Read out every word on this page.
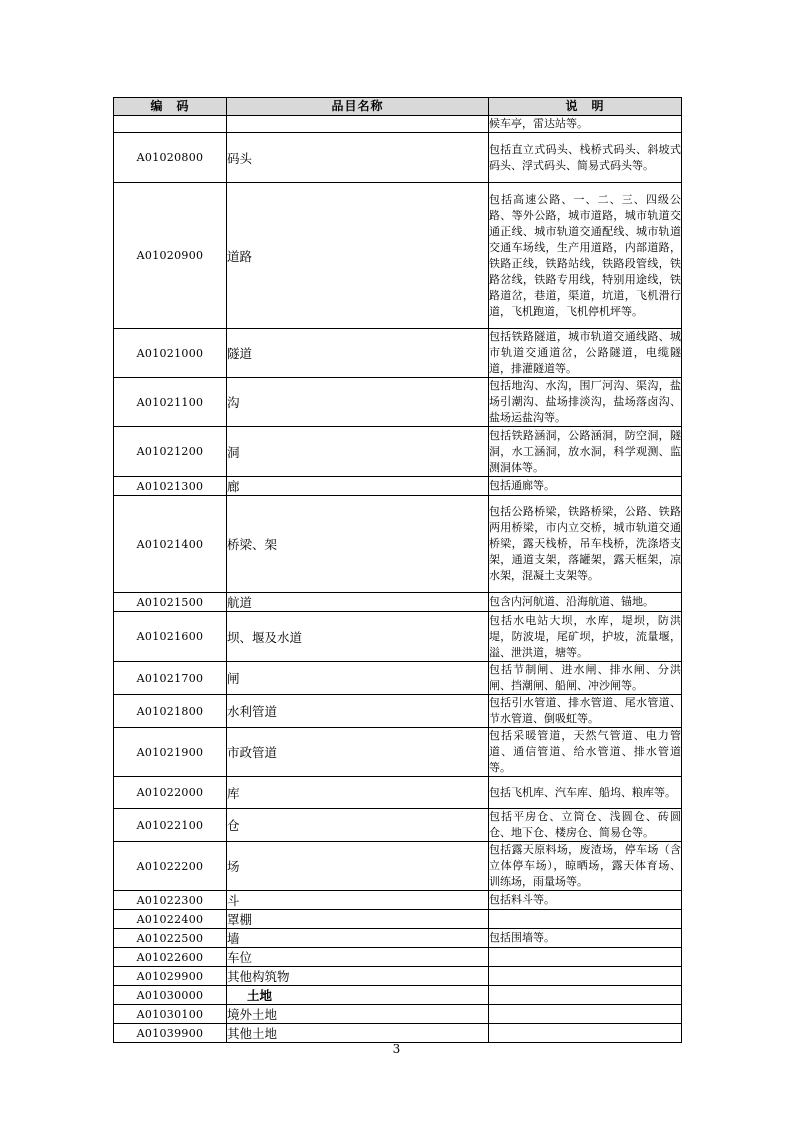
编　码	品目名称	说　明
		候车亭，雷达站等。
A01020800	码头	包括直立式码头、栈桥式码头、斜坡式码头、浮式码头、简易式码头等。
A01020900	道路	包括高速公路、一、二、三、四级公路、等外公路，城市道路，城市轨道交通正线、城市轨道交通配线、城市轨道交通车场线，生产用道路，内部道路，铁路正线，铁路站线，铁路段管线，铁路岔线，铁路专用线，特别用途线，铁路道岔，巷道，渠道，坑道，飞机滑行道，飞机跑道，飞机停机坪等。
A01021000	隧道	包括铁路隧道，城市轨道交通线路、城市轨道交通道岔，公路隧道，电缆隧道，排灌隧道等。
A01021100	沟	包括地沟、水沟，围厂河沟、渠沟，盐场引潮沟、盐场排淡沟，盐场落卤沟、盐场运盐沟等。
A01021200	洞	包括铁路涵洞，公路涵洞，防空洞，隧洞，水工涵洞，放水洞，科学观测、监测洞体等。
A01021300	廊	包括通廊等。
A01021400	桥梁、架	包括公路桥梁，铁路桥梁，公路、铁路两用桥梁，市内立交桥，城市轨道交通桥梁，露天栈桥，吊车栈桥，洗涤塔支架，通道支架，落罐架，露天框架，凉水架，混凝土支架等。
A01021500	航道	包含内河航道、沿海航道、锚地。
A01021600	坝、堰及水道	包括水电站大坝，水库，堤坝，防洪堤，防波堤，尾矿坝，护坡，流量堰，溢、泄洪道，塘等。
A01021700	闸	包括节制闸、进水闸、排水闸、分洪闸、挡潮闸、船闸、冲沙闸等。
A01021800	水利管道	包括引水管道、排水管道、尾水管道、节水管道、倒吸虹等。
A01021900	市政管道	包括采暖管道，天然气管道、电力管道、通信管道、给水管道、排水管道等。
A01022000	库	包括飞机库、汽车库、船坞、粮库等。
A01022100	仓	包括平房仓、立筒仓、浅圆仓、砖圆仓、地下仓、楼房仓、简易仓等。
A01022200	场	包括露天原料场，废渣场，停车场（含立体停车场），晾晒场，露天体育场、训练场，雨量场等。
A01022300	斗	包括料斗等。
A01022400	罩棚	
A01022500	墙	包括围墙等。
A01022600	车位	
A01029900	其他构筑物	
A01030000	土地	
A01030100	境外土地	
A01039900	其他土地	
3
